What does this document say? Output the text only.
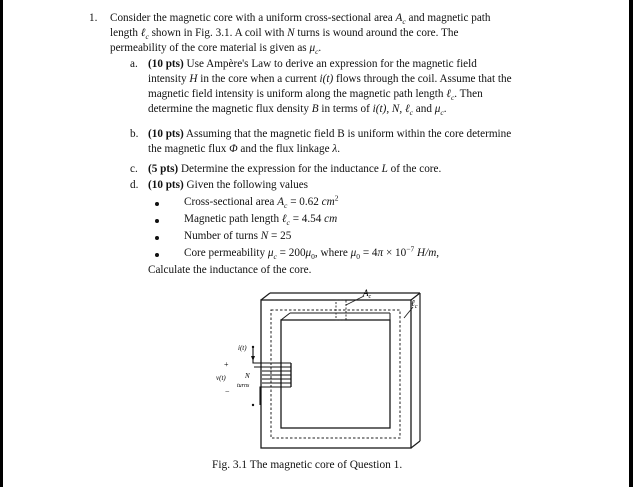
1. Consider the magnetic core with a uniform cross-sectional area $A_c$ and magnetic path
length ℓ$_c$ shown in Fig. 3.1. A coil with N turns is wound around the core. The
permeability of the core material is given as $\mu_c$.
a. (10 pts) Use Ampère's Law to derive an expression for the magnetic field
intensity H in the core when a current i(t) flows through the coil. Assume that the
magnetic field intensity is uniform along the magnetic path length ℓ$_c$. Then
determine the magnetic flux density B in terms of i(t), N, ℓ$_c$ and $\mu_c$.
b. (10 pts) Assuming that the magnetic field B is uniform within the core determine
the magnetic flux Φ and the flux linkage λ.
c. (5 pts) Determine the expression for the inductance L of the core.
d. (10 pts) Given the following values
Cross-sectional area $A_c = 0.62$ $cm^2$
Magnetic path length ℓ$_c$ = 4.54 cm
Number of turns N = 25
Core permeability $\mu_c = 200\mu_0$, where $\mu_0 = 4\pi \times 10^{-7}$ H/m,
Calculate the inductance of the core.
$A_c$
ℓ$_c$
i(t)
+
v(t)
−
N
turns
Fig. 3.1 The magnetic core of Question 1.
